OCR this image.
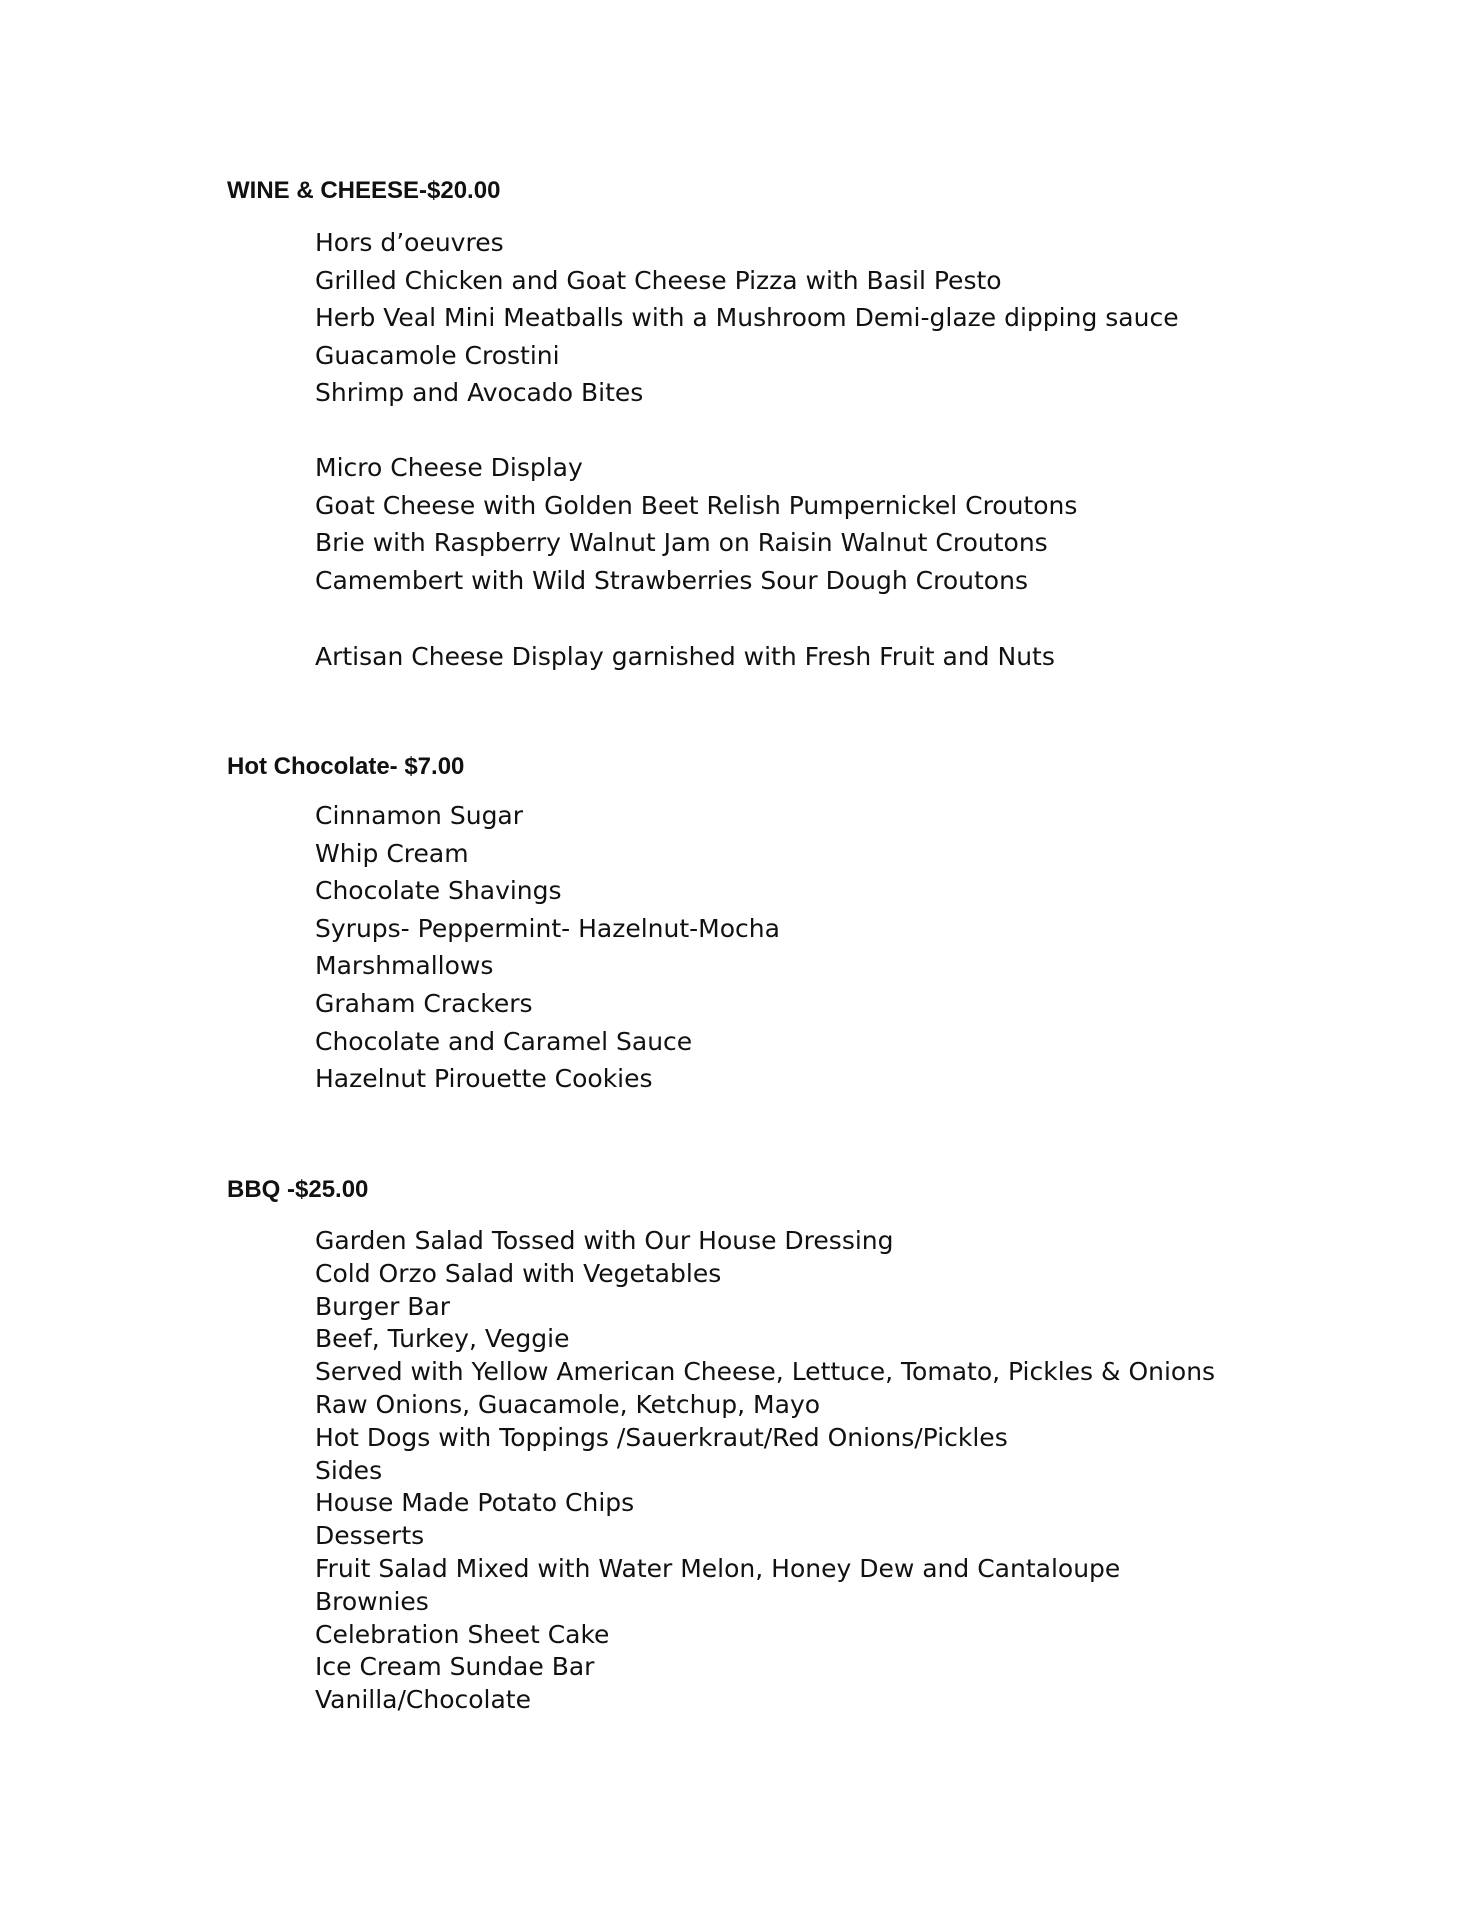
WINE & CHEESE-$20.00
Hors d’oeuvres
Grilled Chicken and Goat Cheese Pizza with Basil Pesto
Herb Veal Mini Meatballs with a Mushroom Demi-glaze dipping sauce
Guacamole Crostini
Shrimp and Avocado Bites
Micro Cheese Display
Goat Cheese with Golden Beet Relish Pumpernickel Croutons
Brie with Raspberry Walnut Jam on Raisin Walnut Croutons
Camembert with Wild Strawberries Sour Dough Croutons
Artisan Cheese Display garnished with Fresh Fruit and Nuts
Hot Chocolate- $7.00
Cinnamon Sugar
Whip Cream
Chocolate Shavings
Syrups- Peppermint- Hazelnut-Mocha
Marshmallows
Graham Crackers
Chocolate and Caramel Sauce
Hazelnut Pirouette Cookies
BBQ -$25.00
Garden Salad Tossed with Our House Dressing
Cold Orzo Salad with Vegetables
Burger Bar
Beef, Turkey, Veggie
Served with Yellow American Cheese, Lettuce, Tomato, Pickles & Onions
Raw Onions, Guacamole, Ketchup, Mayo
Hot Dogs with Toppings /Sauerkraut/Red Onions/Pickles
Sides
House Made Potato Chips
Desserts
Fruit Salad Mixed with Water Melon, Honey Dew and Cantaloupe
Brownies
Celebration Sheet Cake
Ice Cream Sundae Bar
Vanilla/Chocolate
